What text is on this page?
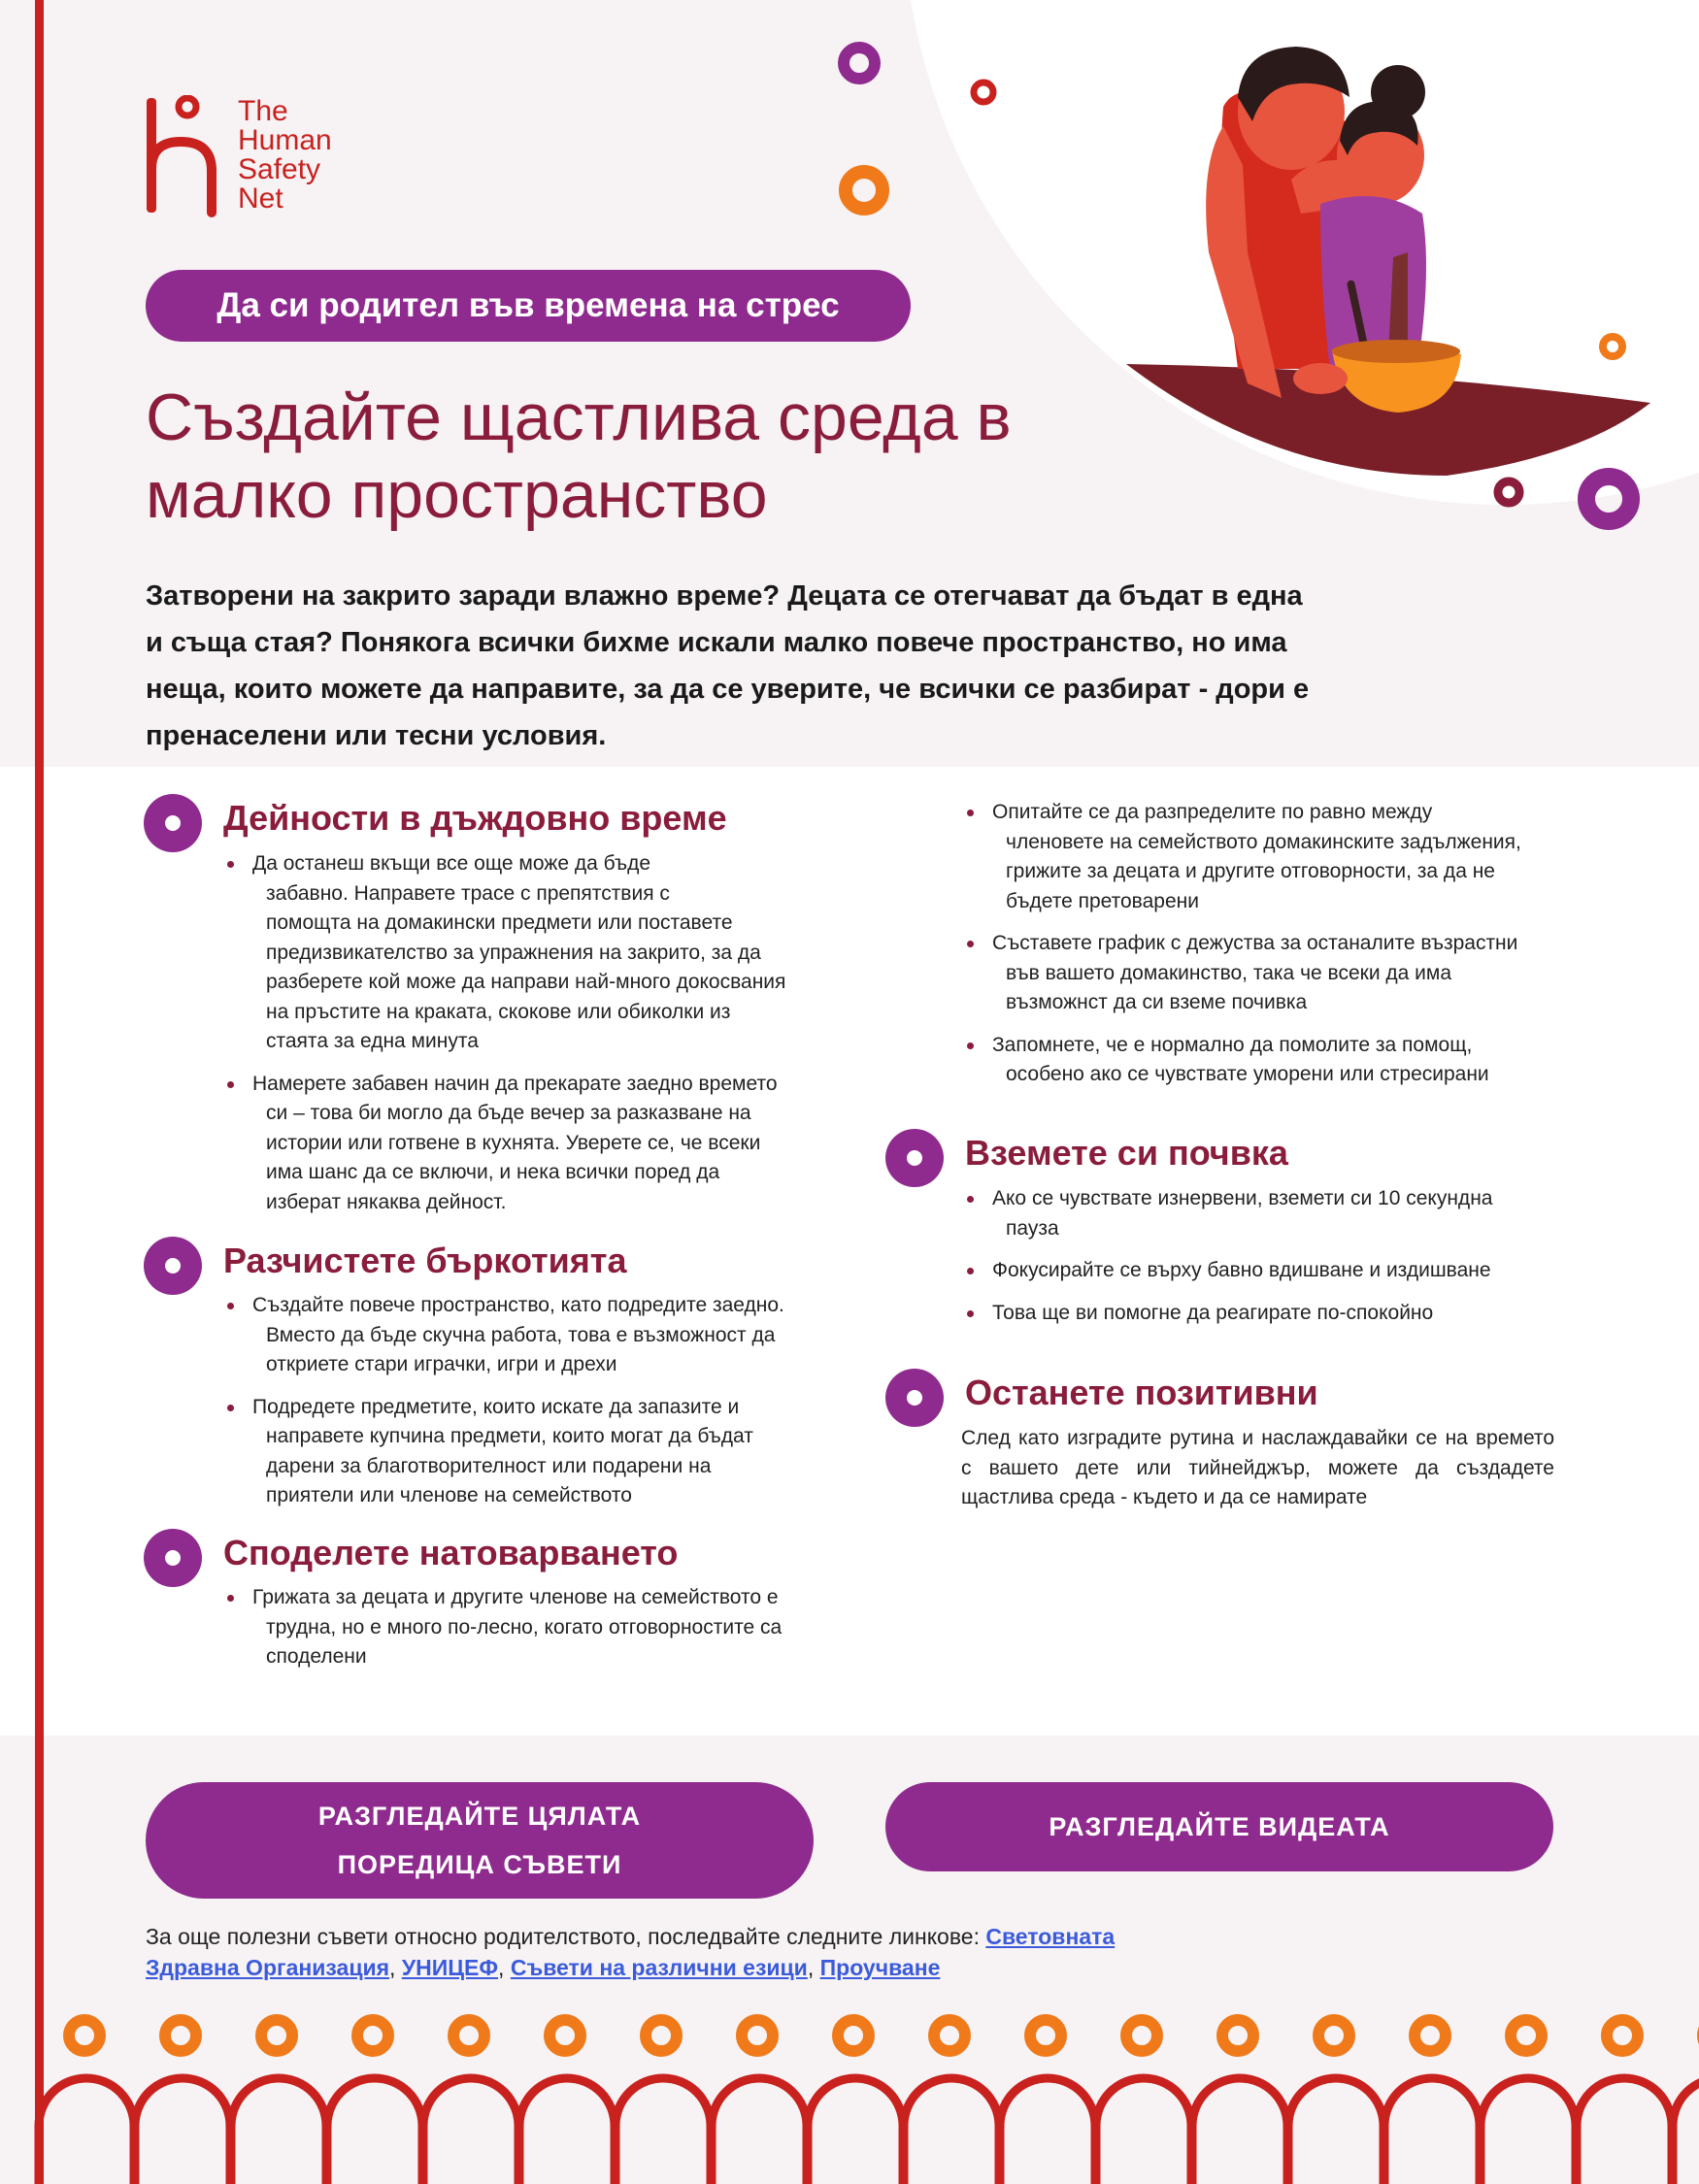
The
Human
Safety
Net
Да си родител във времена на стрес
Създайте щастлива среда в
малко пространство

Затворени на закрито заради влажно време? Децата се отегчават да бъдат в една
и съща стая? Понякога всички бихме искали малко повече пространство, но има
неща, които можете да направите, за да се уверите, че всички се разбират - дори е
пренаселени или тесни условия.

Дейности в дъждовно време
Да останеш вкъщи все още може да бъде
забавно. Направете трасе с препятствия с
помощта на домакински предмети или поставете
предизвикателство за упражнения на закрито, за да
разберете кой може да направи най-много докосвания
на пръстите на краката, скокове или обиколки из
стаята за една минута
Намерете забавен начин да прекарате заедно времето
си – това би могло да бъде вечер за разказване на
истории или готвене в кухнята. Уверете се, че всеки
има шанс да се включи, и нека всички поред да
изберат някаква дейност.
Разчистете бъркотията
Създайте повече пространство, като подредите заедно.
Вместо да бъде скучна работа, това е възможност да
откриете стари играчки, игри и дрехи
Подредете предметите, които искате да запазите и
направете купчина предмети, които могат да бъдат
дарени за благотворителност или подарени на
приятели или членове на семейството
Споделете натоварването
Грижата за децата и другите членове на семейството е
трудна, но е много по-лесно, когато отговорностите са
споделени
Опитайте се да разпределите по равно между
членовете на семейството домакинските задължения,
грижите за децата и другите отговорности, за да не
бъдете претоварени
Съставете график с дежуства за останалите възрастни
във вашето домакинство, така че всеки да има
възможнст да си вземе почивка
Запомнете, че е нормално да помолите за помощ,
особено ако се чувствате уморени или стресирани
Вземете си почвка
Ако се чувствате изнервени, вземети си 10 секундна
пауза
Фокусирайте се върху бавно вдишване и издишване
Това ще ви помогне да реагирате по-спокойно
Останете позитивни

След като изградите рутина и наслаждавайки се на времето
с вашето дете или тийнейджър, можете да създадете
щастлива среда - където и да се намирате

РАЗГЛЕДАЙТЕ ЦЯЛАТА
ПОРЕДИЦА СЪВЕТИ
РАЗГЛЕДАЙТЕ ВИДЕАТА

За още полезни съвети относно родителството, последвайте следните линкове: Световната
Здравна Организация, УНИЦЕФ, Съвети на различни езици, Проучване
